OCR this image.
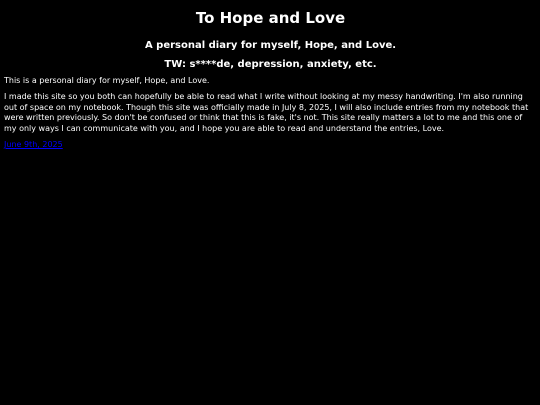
To Hope and Love
A personal diary for myself, Hope, and Love.
TW: s****de, depression, anxiety, etc.

This is a personal diary for myself, Hope, and Love.

I made this site so you both can hopefully be able to read what I write without looking at my messy handwriting. I'm also running out of space on my notebook. Though this site was officially made in July 8, 2025, I will also include entries from my notebook that were written previously. So don't be confused or think that this is fake, it's not. This site really matters a lot to me and this one of my only ways I can communicate with you, and I hope you are able to read and understand the entries, Love.

June 9th, 2025
